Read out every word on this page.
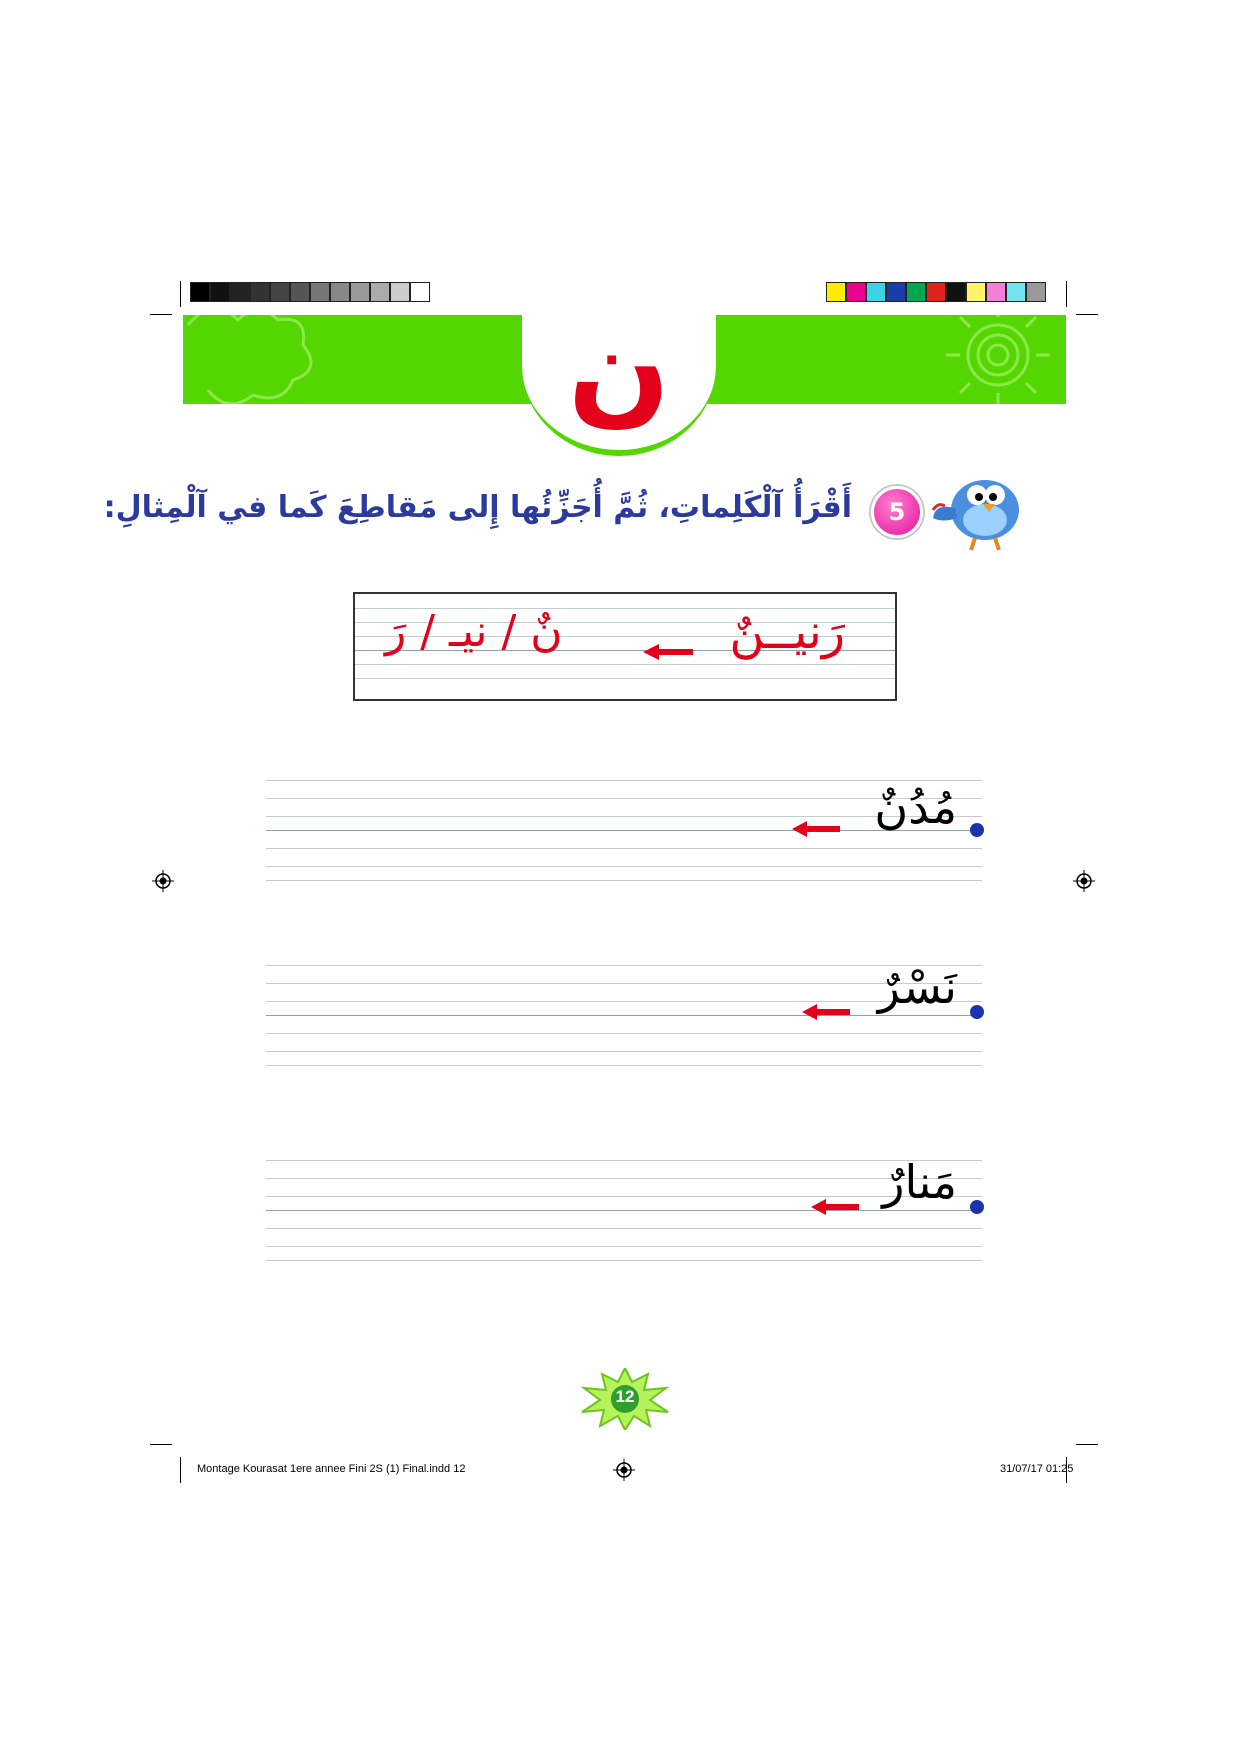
ن
5
أَقْرَأُ آلْكَلِماتِ، ثُمَّ أُجَزِّئُها إِلى مَقاطِعَ كَما في آلْمِثالِ:
رَنيــنٌ
نٌ / نيـ / رَ
مُدُنٌ
نَسْرٌ
مَنارٌ
12
Montage Kourasat 1ere annee Fini 2S (1) Final.indd 12	31/07/17 01:25
